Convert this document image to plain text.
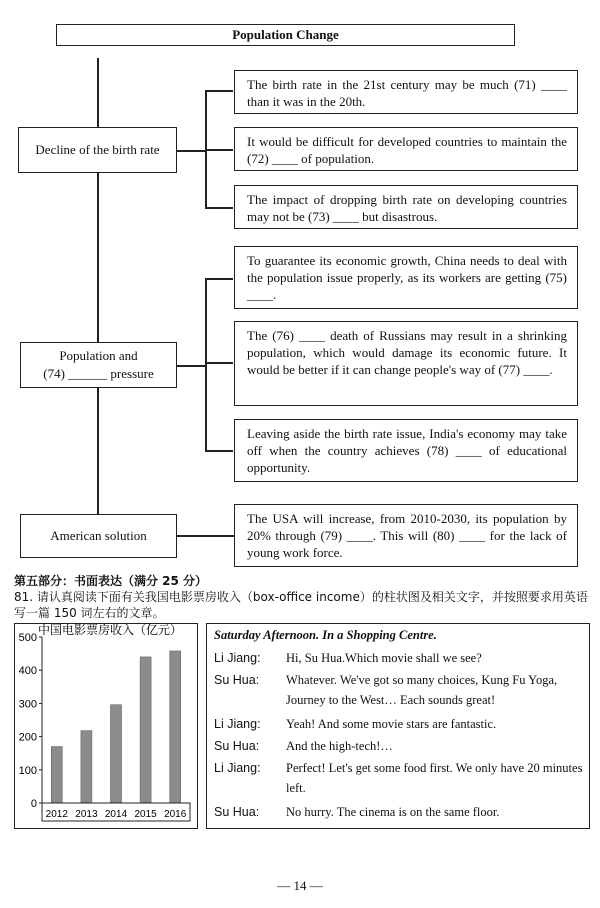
Population Change
Decline of the birth rate
Population and
(74) ______ pressure
American solution
The birth rate in the 21st century may be much (71) ____ than it was in the 20th.
It would be difficult for developed countries to maintain the (72) ____ of population.
The impact of dropping birth rate on developing countries may not be (73) ____ but disastrous.
To guarantee its economic growth, China needs to deal with the population issue properly, as its workers are getting (75) ____.
The (76) ____ death of Russians may result in a shrinking population, which would damage its economic future. It would be better if it can change people's way of (77) ____.
Leaving aside the birth rate issue, India's economy may take off when the country achieves (78) ____ of educational opportunity.
The USA will increase, from 2010-2030, its population by 20% through (79) ____. This will (80) ____ for the lack of young work force.
第五部分：书面表达（满分 25 分）
81. 请认真阅读下面有关我国电影票房收入（box-office income）的柱状图及相关文字，并按照要求用英语写一篇 150 词左右的文章。
中国电影票房收入（亿元）
0
100
200
300
400
500
2012 2013 2014 2015 2016
Saturday Afternoon. In a Shopping Centre.
Li Jiang: Hi, Su Hua.Which movie shall we see?
Su Hua: Whatever. We've got so many choices, Kung Fu Yoga, Journey to the West… Each sounds great!
Li Jiang: Yeah! And some movie stars are fantastic.
Su Hua: And the high-tech!…
Li Jiang: Perfect! Let's get some food first. We only have 20 minutes left.
Su Hua: No hurry. The cinema is on the same floor.
— 14 —
